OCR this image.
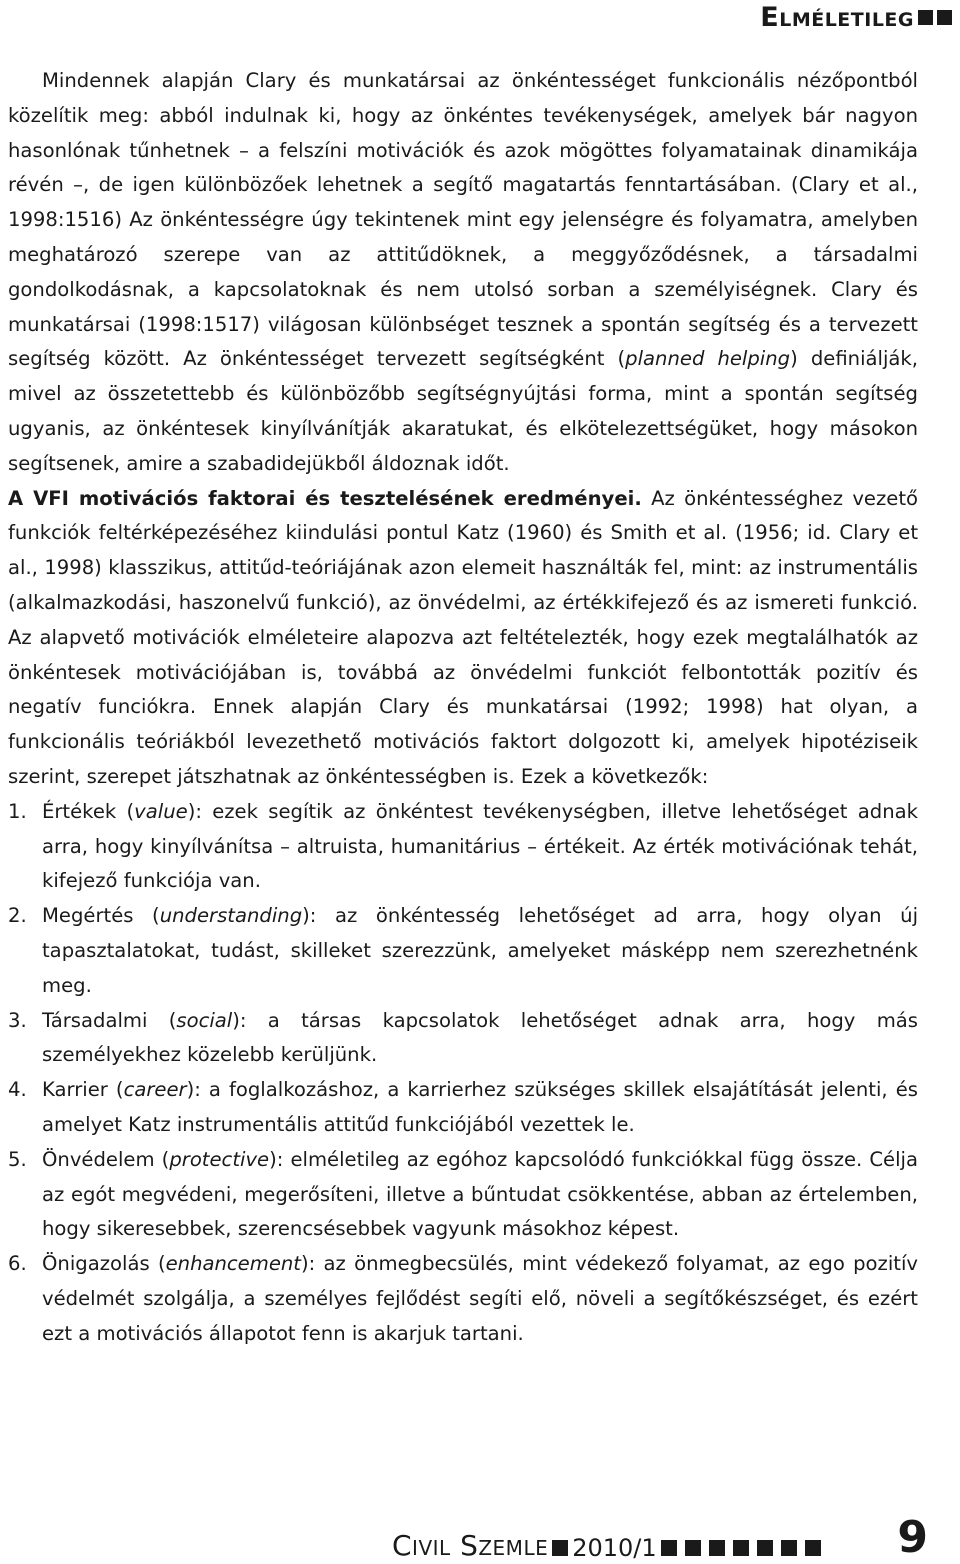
Elméletileg

Mindennek alapján Clary és munkatársai az önkéntességet funkcionális nézőpontból közelítik meg: abból indulnak ki, hogy az önkéntes tevékenységek, amelyek bár nagyon hasonlónak tűnhetnek – a felszíni motivációk és azok mögöttes folyamatainak dinamikája révén –, de igen különbözőek lehetnek a segítő magatartás fenntartásában. (Clary et al., 1998:1516) Az önkéntességre úgy tekintenek mint egy jelenségre és folyamatra, amelyben meghatározó szerepe van az attitűdöknek, a meggyőződésnek, a társadalmi gondolkodásnak, a kapcsolatoknak és nem utolsó sorban a személyiségnek. Clary és munkatársai (1998:1517) világosan különbséget tesznek a spontán segítség és a tervezett segítség között. Az önkéntességet tervezett segítségként (planned helping) definiálják, mivel az összetettebb és különbözőbb segítségnyújtási forma, mint a spontán segítség ugyanis, az önkéntesek kinyílvánítják akaratukat, és elkötelezettségüket, hogy másokon segítsenek, amire a szabadidejükből áldoznak időt.

A VFI motivációs faktorai és tesztelésének eredményei. Az önkéntességhez vezető funkciók feltérképezéséhez kiindulási pontul Katz (1960) és Smith et al. (1956; id. Clary et al., 1998) klasszikus, attitűd-teóriájának azon elemeit használták fel, mint: az instrumentális (alkalmazkodási, haszonelvű funkció), az önvédelmi, az értékkifejező és az ismereti funkció. Az alapvető motivációk elméleteire alapozva azt feltételezték, hogy ezek megtalálhatók az önkéntesek motivációjában is, továbbá az önvédelmi funkciót felbontották pozitív és negatív funciókra. Ennek alapján Clary és munkatársai (1992; 1998) hat olyan, a funkcionális teóriákból levezethető motivációs faktort dolgozott ki, amelyek hipotéziseik szerint, szerepet játszhatnak az önkéntességben is. Ezek a következők:

1. Értékek (value): ezek segítik az önkéntest tevékenységben, illetve lehetőséget adnak arra, hogy kinyílvánítsa – altruista, humanitárius – értékeit. Az érték motivációnak tehát, kifejező funkciója van.
2. Megértés (understanding): az önkéntesség lehetőséget ad arra, hogy olyan új tapasztalatokat, tudást, skilleket szerezzünk, amelyeket másképp nem szerezhetnénk meg.
3. Társadalmi (social): a társas kapcsolatok lehetőséget adnak arra, hogy más személyekhez közelebb kerüljünk.
4. Karrier (career): a foglalkozáshoz, a karrierhez szükséges skillek elsajátítását jelenti, és amelyet Katz instrumentális attitűd funkciójából vezettek le.
5. Önvédelem (protective): elméletileg az egóhoz kapcsolódó funkciókkal függ össze. Célja az egót megvédeni, megerősíteni, illetve a bűntudat csökkentése, abban az értelemben, hogy sikeresebbek, szerencsésebbek vagyunk másokhoz képest.
6. Önigazolás (enhancement): az önmegbecsülés, mint védekező folyamat, az ego pozitív védelmét szolgálja, a személyes fejlődést segíti elő, növeli a segítőkészséget, és ezért ezt a motivációs állapotot fenn is akarjuk tartani.
Civil Szemle 2010/1	9
